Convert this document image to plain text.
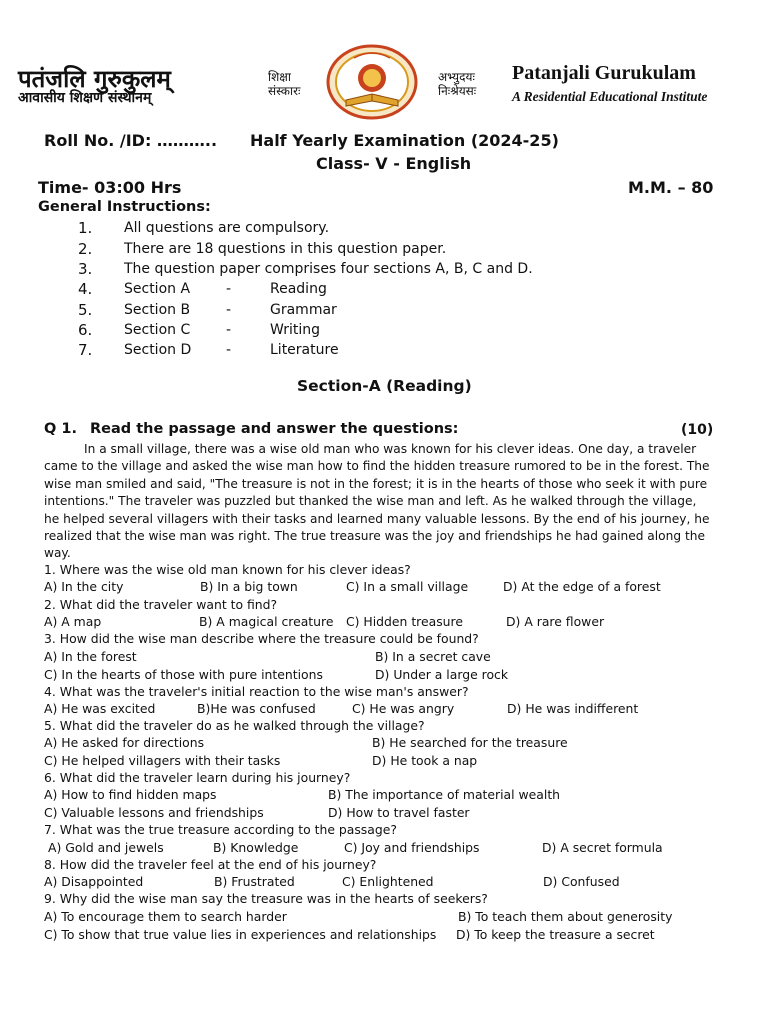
पतंजलि गुरुकुलम्
आवासीय शिक्षण संस्थानम्
शिक्षा
संस्कारः
अभ्युदयः
निःश्रेयसः
Patanjali Gurukulam
A Residential Educational Institute
Roll No. /ID: ……….. Half Yearly Examination (2024-25)
Class- V - English
Time- 03:00 Hrs	M.M. – 80
General Instructions:
1. All questions are compulsory.
2. There are 18 questions in this question paper.
3. The question paper comprises four sections A, B, C and D.
4. Section A	-	Reading
5. Section B	-	Grammar
6. Section C	-	Writing
7. Section D -	Literature
Section-A (Reading)
Q 1. Read the passage and answer the questions:	(10)
In a small village, there was a wise old man who was known for his clever ideas. One day, a traveler came to the village and asked the wise man how to find the hidden treasure rumored to be in the forest. The wise man smiled and said, "The treasure is not in the forest; it is in the hearts of those who seek it with pure intentions." The traveler was puzzled but thanked the wise man and left. As he walked through the village, he helped several villagers with their tasks and learned many valuable lessons. By the end of his journey, he realized that the wise man was right. The true treasure was the joy and friendships he had gained along the way.
1. Where was the wise old man known for his clever ideas?
A) In the city	B) In a big town	C) In a small village	D) At the edge of a forest
2. What did the traveler want to find?
A) A map	B) A magical creature C) Hidden treasure	D) A rare flower
3. How did the wise man describe where the treasure could be found?
A) In the forest	B) In a secret cave
C) In the hearts of those with pure intentions	D) Under a large rock
4. What was the traveler's initial reaction to the wise man's answer?
A) He was excited	B)He was confused	C) He was angry	D) He was indifferent
5. What did the traveler do as he walked through the village?
A) He asked for directions	B) He searched for the treasure
C) He helped villagers with their tasks	D) He took a nap
6. What did the traveler learn during his journey?
A) How to find hidden maps	B) The importance of material wealth
C) Valuable lessons and friendships	D) How to travel faster
7. What was the true treasure according to the passage?
A) Gold and jewels	B) Knowledge	C) Joy and friendships	D) A secret formula
8. How did the traveler feel at the end of his journey?
A) Disappointed	B) Frustrated	C) Enlightened	D) Confused
9. Why did the wise man say the treasure was in the hearts of seekers?
A) To encourage them to search harder	B) To teach them about generosity
C) To show that true value lies in experiences and relationships D) To keep the treasure a secret
